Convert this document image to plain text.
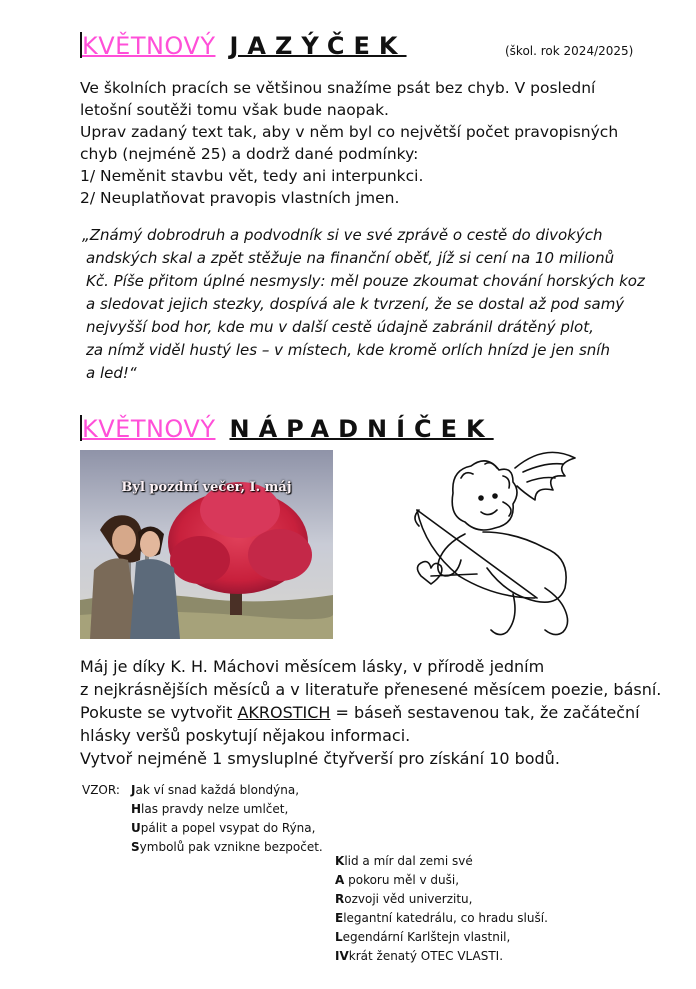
KVĚTNOVÝ JAZÝČEK	(škol. rok 2024/2025)

Ve školních pracích se většinou snažíme psát bez chyb. V poslední

letošní soutěži tomu však bude naopak.

Uprav zadaný text tak, aby v něm byl co největší počet pravopisných

chyb (nejméně 25) a dodrž dané podmínky:

1/ Neměnit stavbu vět, tedy ani interpunkci.

2/ Neuplatňovat pravopis vlastních jmen.

„Známý dobrodruh a podvodník si ve své zprávě o cestě do divokých

andských skal a zpět stěžuje na finanční oběť, jíž si cení na 10 milionů

Kč. Píše přitom úplné nesmysly: měl pouze zkoumat chování horských koz

a sledovat jejich stezky, dospívá ale k tvrzení, že se dostal až pod samý

nejvyšší bod hor, kde mu v další cestě údajně zabránil drátěný plot,

za nímž viděl hustý les – v místech, kde kromě orlích hnízd je jen sníh

a led!“

KVĚTNOVÝ NÁPADNÍČEK
Byl pozdní večer, I. máj

Máj je díky K. H. Máchovi měsícem lásky, v přírodě jedním

z nejkrásnějších měsíců a v literatuře přenesené měsícem poezie, básní.

Pokuste se vytvořit AKROSTICH = báseň sestavenou tak, že začáteční

hlásky veršů poskytují nějakou informaci.

Vytvoř nejméně 1 smysluplné čtyřverší pro získání 10 bodů.

VZOR: Jak ví snad každá blondýna,

Hlas pravdy nelze umlčet,

Upálit a popel vsypat do Rýna,

Symbolů pak vznikne bezpočet.

Klid a mír dal zemi své

A pokoru měl v duši,

Rozvoji věd univerzitu,

Elegantní katedrálu, co hradu sluší.

Legendární Karlštejn vlastnil,

IVkrát ženatý OTEC VLASTI.
